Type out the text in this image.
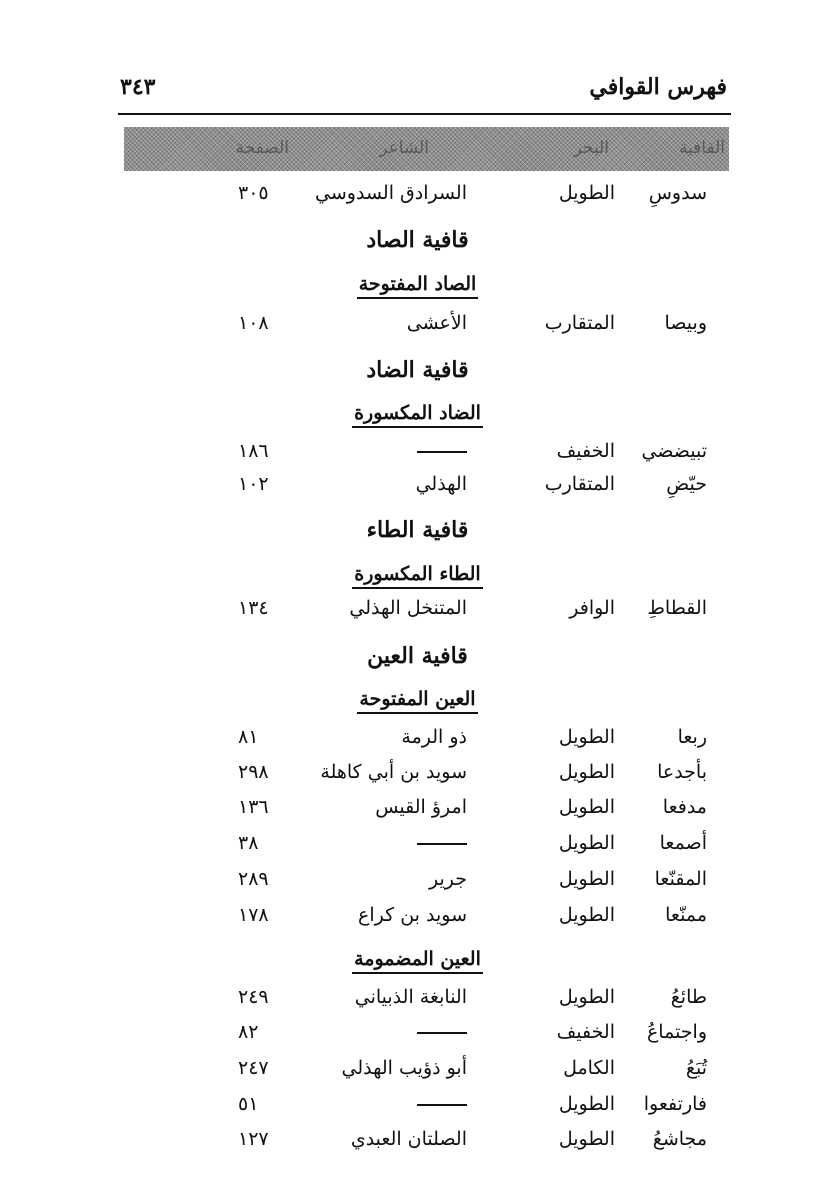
٣٤٣	فهرس القوافي
القافية
البحر
الشاعر
الصفحة
سدوسِ
الطويل
السرادق السدوسي
٣٠٥
قافية الصاد
الصاد المفتوحة
وبيصا
المتقارب
الأعشى
١٠٨
قافية الضاد
الضاد المكسورة
تبيضضي
الخفيف
١٨٦
حيّضِ
المتقارب
الهذلي
١٠٢
قافية الطاء
الطاء المكسورة
القطاطِ
الوافر
المتنخل الهذلي
١٣٤
قافية العين
العين المفتوحة
ربعا
الطويل
ذو الرمة
٨١
بأجدعا
الطويل
سويد بن أبي كاهلة
٢٩٨
مدفعا
الطويل
امرؤ القيس
١٣٦
أصمعا
الطويل
٣٨
المقنّعا
الطويل
جرير
٢٨٩
ممنّعا
الطويل
سويد بن كراع
١٧٨
العين المضمومة
طائعُ
الطويل
النابغة الذبياني
٢٤٩
واجتماعُ
الخفيف
٨٢
تُبَعُ
الكامل
أبو ذؤيب الهذلي
٢٤٧
فارتفعوا
الطويل
٥١
مجاشعُ
الطويل
الصلتان العبدي
١٢٧
